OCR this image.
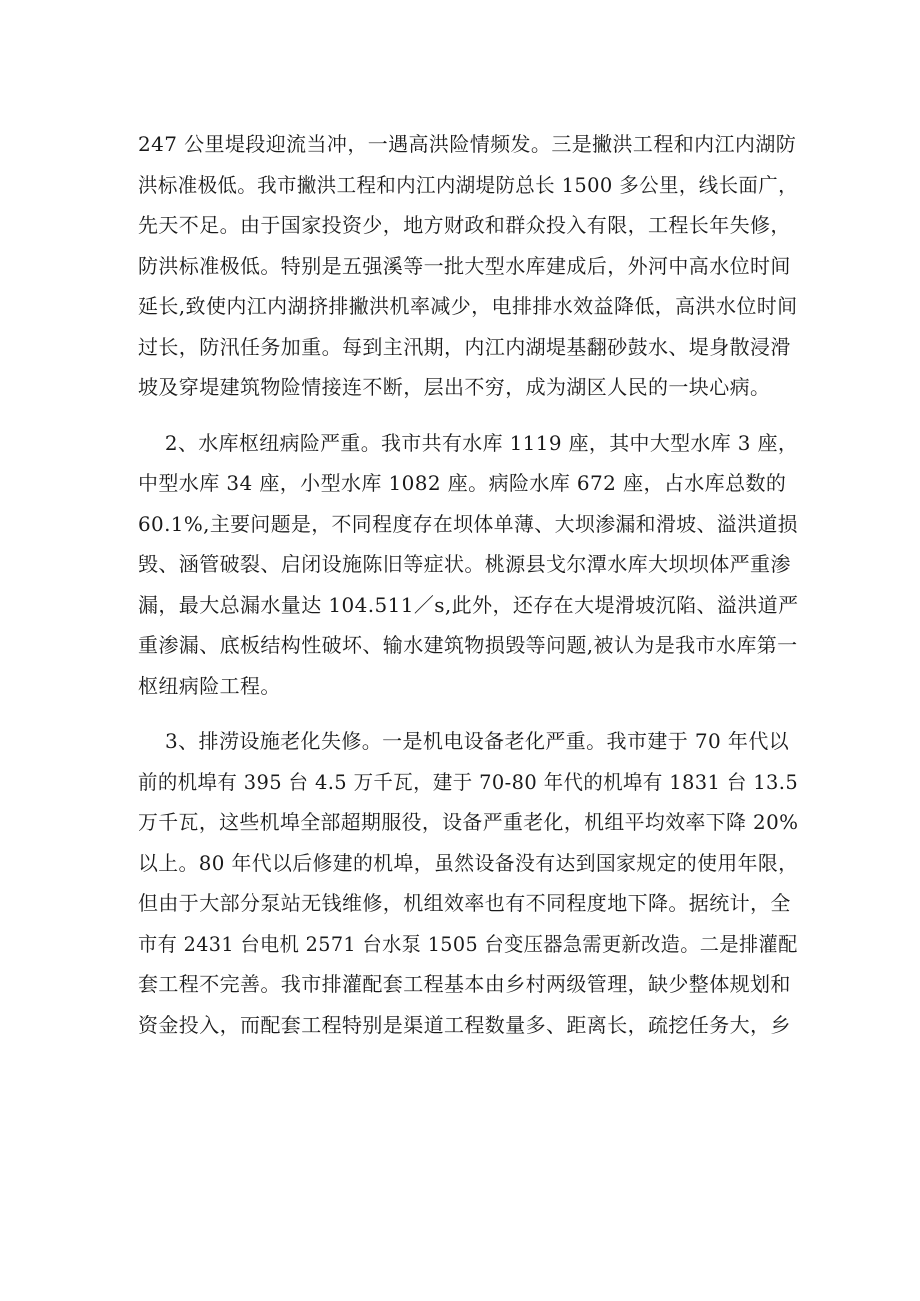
247 公里堤段迎流当冲，一遇高洪险情频发。三是撇洪工程和内江内湖防
洪标准极低。我市撇洪工程和内江内湖堤防总长 1500 多公里，线长面广，
先天不足。由于国家投资少，地方财政和群众投入有限，工程长年失修，
防洪标准极低。特别是五强溪等一批大型水库建成后，外河中高水位时间
延长,致使内江内湖挤排撇洪机率减少，电排排水效益降低，高洪水位时间
过长，防汛任务加重。每到主汛期，内江内湖堤基翻砂鼓水、堤身散浸滑
坡及穿堤建筑物险情接连不断，层出不穷，成为湖区人民的一块心病。
2、水库枢纽病险严重。我市共有水库 1119 座，其中大型水库 3 座，
中型水库 34 座，小型水库 1082 座。病险水库 672 座，占水库总数的
60.1%,主要问题是，不同程度存在坝体单薄、大坝渗漏和滑坡、溢洪道损
毁、涵管破裂、启闭设施陈旧等症状。桃源县戈尔潭水库大坝坝体严重渗
漏，最大总漏水量达 104.511／s,此外，还存在大堤滑坡沉陷、溢洪道严
重渗漏、底板结构性破坏、输水建筑物损毁等问题,被认为是我市水库第一
枢纽病险工程。
3、排涝设施老化失修。一是机电设备老化严重。我市建于 70 年代以
前的机埠有 395 台 4.5 万千瓦，建于 70-80 年代的机埠有 1831 台 13.5
万千瓦，这些机埠全部超期服役，设备严重老化，机组平均效率下降 20%
以上。80 年代以后修建的机埠，虽然设备没有达到国家规定的使用年限，
但由于大部分泵站无钱维修，机组效率也有不同程度地下降。据统计，全
市有 2431 台电机 2571 台水泵 1505 台变压器急需更新改造。二是排灌配
套工程不完善。我市排灌配套工程基本由乡村两级管理，缺少整体规划和
资金投入，而配套工程特别是渠道工程数量多、距离长，疏挖任务大，乡
